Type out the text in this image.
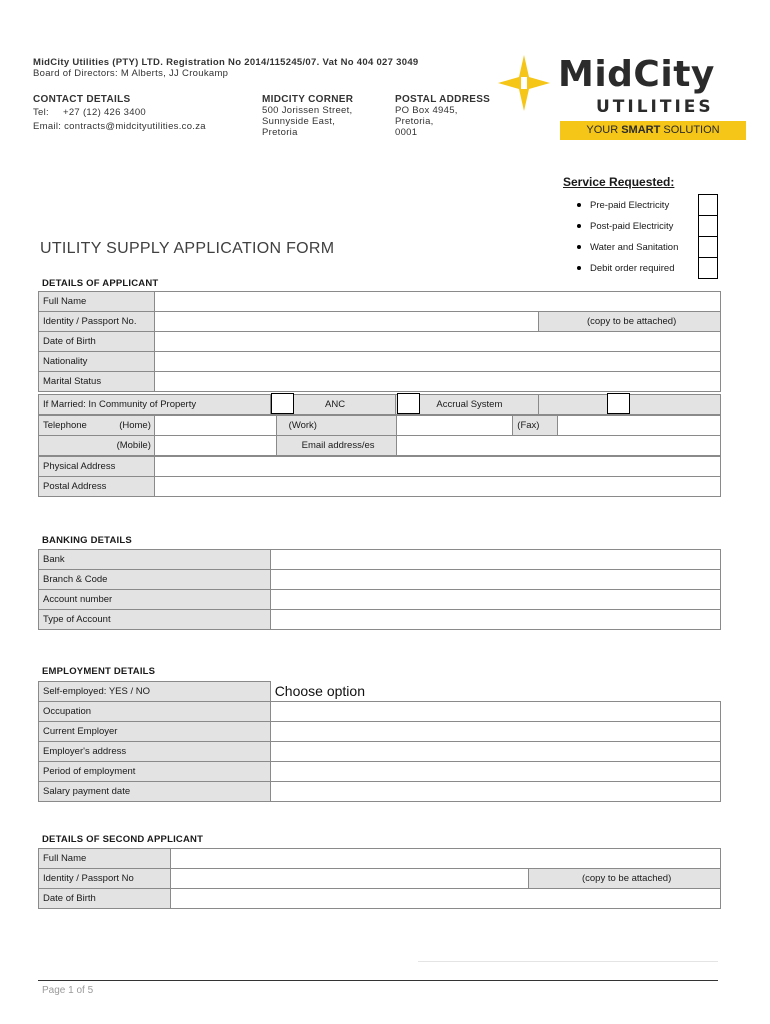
MidCity Utilities (PTY) LTD. Registration No 2014/115245/07. Vat No 404 027 3049
Board of Directors: M Alberts, JJ Croukamp
CONTACT DETAILS
Tel: +27 (12) 426 3400
Email: contracts@midcityutilities.co.za
MIDCITY CORNER
500 Jorissen Street,
Sunnyside East,
Pretoria
POSTAL ADDRESS
PO Box 4945,
Pretoria,
0001
MidCity
UTILITIES
YOUR SMART SOLUTION
Service Requested:
Pre-paid Electricity
Post-paid Electricity
Water and Sanitation
Debit order required
UTILITY SUPPLY APPLICATION FORM
DETAILS OF APPLICANT
Full Name		
Identity / Passport No.		(copy to be attached)
Date of Birth		
Nationality		
Marital Status		
If Married: In Community of Property	ANC	Accrual System	
Telephone (Home)		(Work)		(Fax)	
(Mobile)		Email address/es			
Physical Address	
Postal Address	
BANKING DETAILS
Bank	
Branch & Code	
Account number	
Type of Account	
EMPLOYMENT DETAILS
Self-employed: YES / NO	Choose option
Occupation	
Current Employer	
Employer's address	
Period of employment	
Salary payment date	
DETAILS OF SECOND APPLICANT
Full Name		
Identity / Passport No		(copy to be attached)
Date of Birth		
Page 1 of 5
